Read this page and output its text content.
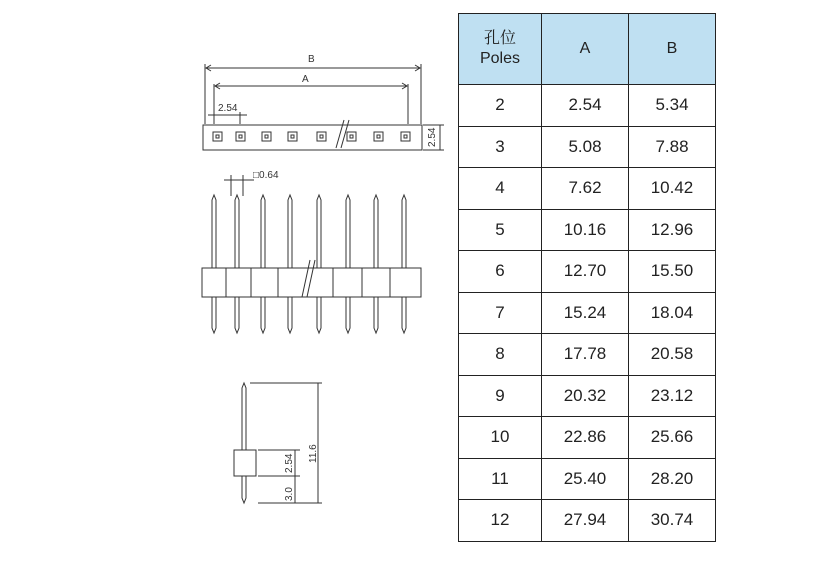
B
A
2.54
2.54
□0.64
11.6
2.54
3.0
孔位
Poles	A	B
2	2.54	5.34
3	5.08	7.88
4	7.62	10.42
5	10.16	12.96
6	12.70	15.50
7	15.24	18.04
8	17.78	20.58
9	20.32	23.12
10	22.86	25.66
11	25.40	28.20
12	27.94	30.74
